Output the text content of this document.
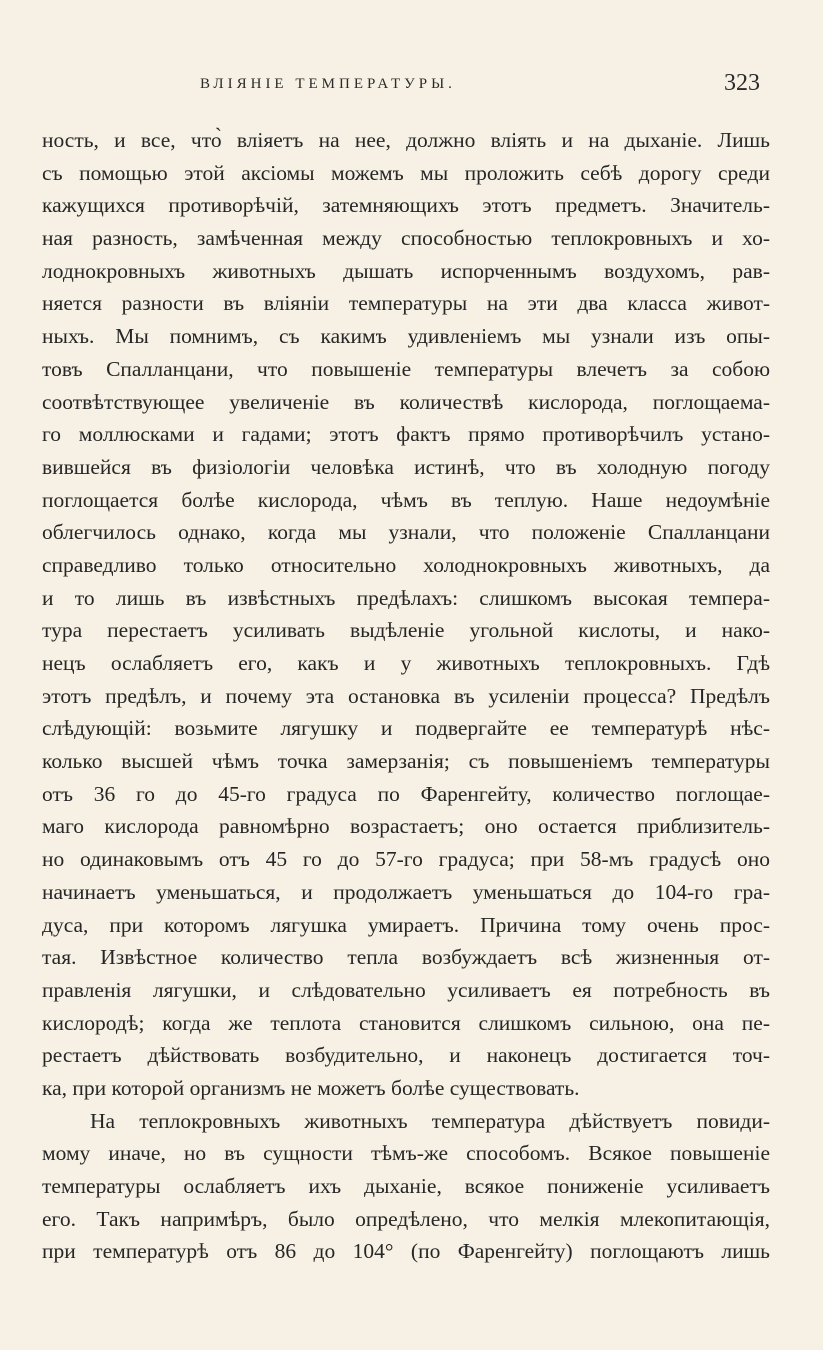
ВЛІЯНІЕ ТЕМПЕРАТУРЫ.	323
ность, и все, что̀ вліяетъ на нее, должно вліять и на дыханіе. Лишь
съ помощью этой аксіомы можемъ мы проложить себѣ дорогу среди
кажущихся противорѣчій, затемняющихъ этотъ предметъ. Значитель-
ная разность, замѣченная между способностью теплокровныхъ и хо-
лоднокровныхъ животныхъ дышать испорченнымъ воздухомъ, рав-
няется разности въ вліяніи температуры на эти два класса живот-
ныхъ. Мы помнимъ, съ какимъ удивленіемъ мы узнали изъ опы-
товъ Спалланцани, что повышеніе температуры влечетъ за собою
соотвѣтствующее увеличеніе въ количествѣ кислорода, поглощаема-
го моллюсками и гадами; этотъ фактъ прямо противорѣчилъ устано-
вившейся въ физіологіи человѣка истинѣ, что въ холодную погоду
поглощается болѣе кислорода, чѣмъ въ теплую. Наше недоумѣніе
облегчилось однако, когда мы узнали, что положеніе Спалланцани
справедливо только относительно холоднокровныхъ животныхъ, да
и то лишь въ извѣстныхъ предѣлахъ: слишкомъ высокая темпера-
тура перестаетъ усиливать выдѣленіе угольной кислоты, и нако-
нецъ ослабляетъ его, какъ и у животныхъ теплокровныхъ. Гдѣ
этотъ предѣлъ, и почему эта остановка въ усиленіи процесса? Предѣлъ
слѣдующій: возьмите лягушку и подвергайте ее температурѣ нѣс-
колько высшей чѣмъ точка замерзанія; съ повышеніемъ температуры
отъ 36 го до 45-го градуса по Фаренгейту, количество поглощае-
маго кислорода равномѣрно возрастаетъ; оно остается приблизитель-
но одинаковымъ отъ 45 го до 57-го градуса; при 58-мъ градусѣ оно
начинаетъ уменьшаться, и продолжаетъ уменьшаться до 104-го гра-
дуса, при которомъ лягушка умираетъ. Причина тому очень прос-
тая. Извѣстное количество тепла возбуждаетъ всѣ жизненныя от-
правленія лягушки, и слѣдовательно усиливаетъ ея потребность въ
кислородѣ; когда же теплота становится слишкомъ сильною, она пе-
рестаетъ дѣйствовать возбудительно, и наконецъ достигается точ-
ка, при которой организмъ не можетъ болѣе существовать.
На теплокровныхъ животныхъ температура дѣйствуетъ повиди-
мому иначе, но въ сущности тѣмъ-же способомъ. Всякое повышеніе
температуры ослабляетъ ихъ дыханіе, всякое пониженіе усиливаетъ
его. Такъ напримѣръ, было опредѣлено, что мелкія млекопитающія,
при температурѣ отъ 86 до 104° (по Фаренгейту) поглощаютъ лишь
